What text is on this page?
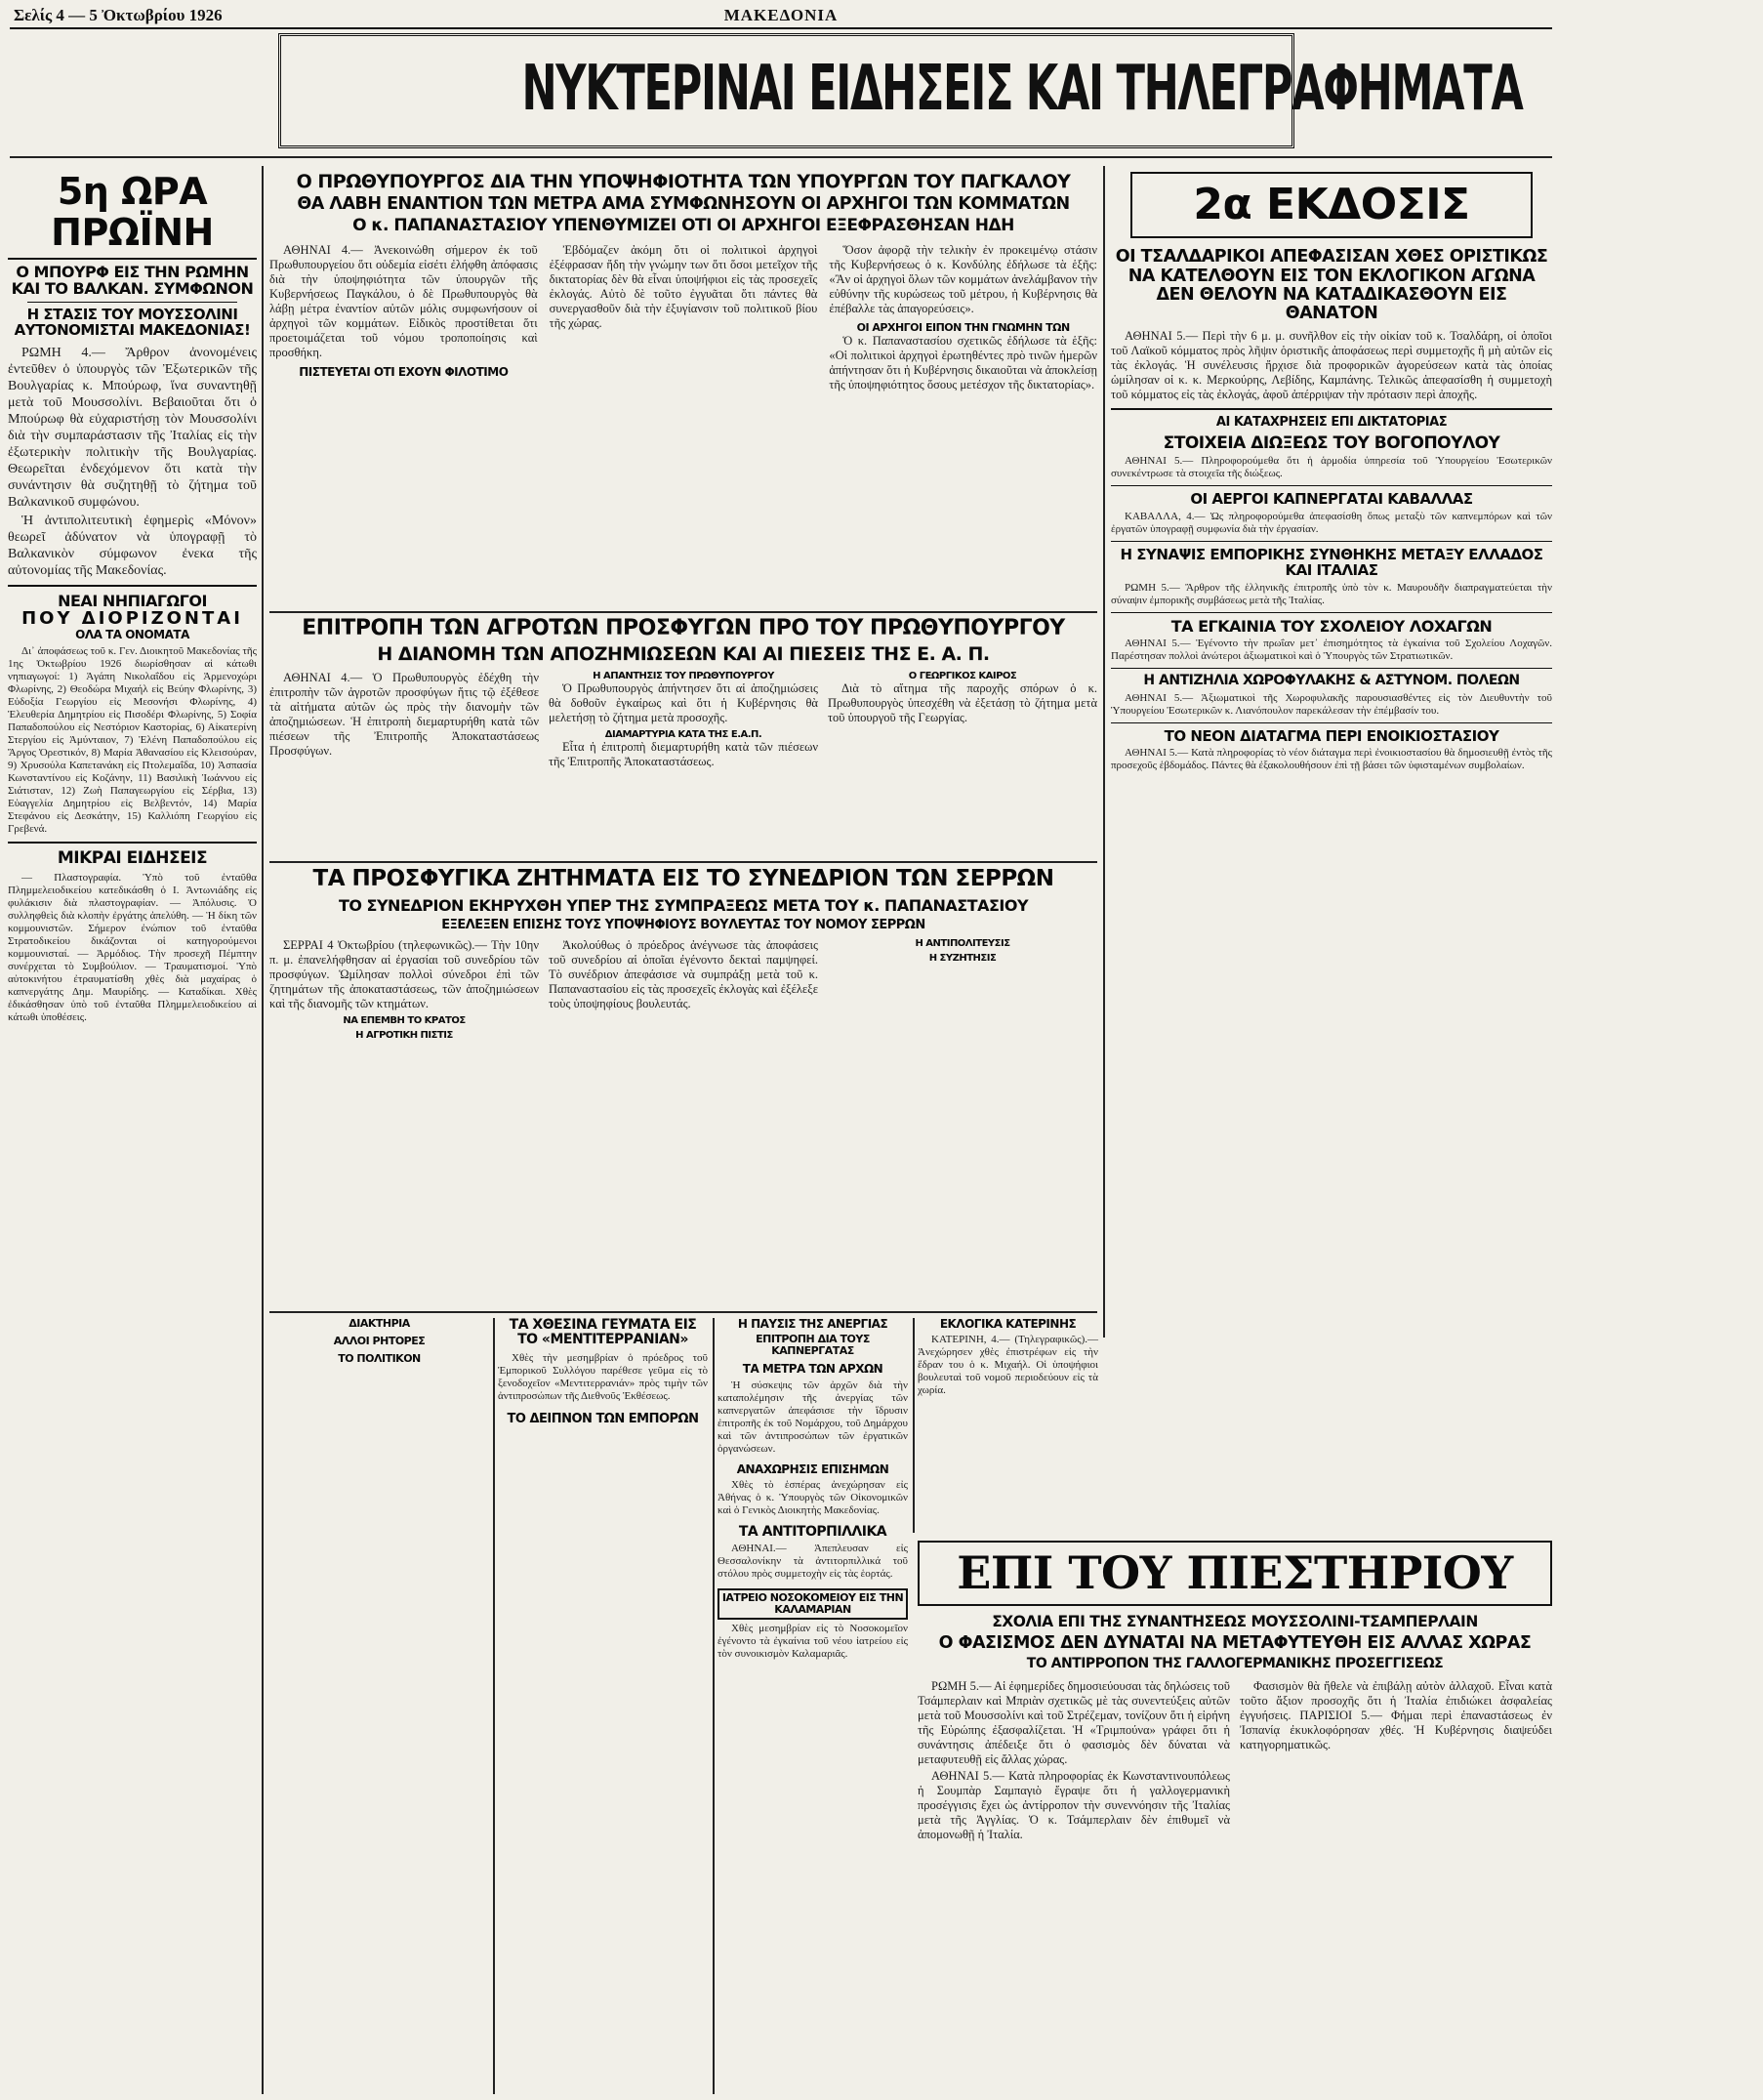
Σελίς 4 — 5 Ὀκτωβρίου 1926	ΜΑΚΕΔΟΝΙΑ
ΝΥΚΤΕΡΙΝΑΙ ΕΙΔΗΣΕΙΣ ΚΑΙ ΤΗΛΕΓΡΑΦΗΜΑΤΑ
5η ΩΡΑ ΠΡΩΪΝΗ
Ο ΜΠΟΥΡΦ ΕΙΣ ΤΗΝ ΡΩΜΗΝ ΚΑΙ ΤΟ ΒΑΛΚΑΝ. ΣΥΜΦΩΝΟΝ
Η ΣΤΑΣΙΣ ΤΟΥ ΜΟΥΣΣΟΛΙΝΙ ΑΥΤΟΝΟΜΙΣΤΑΙ ΜΑΚΕΔΟΝΙΑΣ!

ΡΩΜΗ 4.— Ἄρθρον ἀνονομένεις ἐντεῦθεν ὁ ὑπουργὸς τῶν Ἐξωτερικῶν τῆς Βουλγαρίας κ. Μπούρωφ, ἵνα συναντηθῇ μετὰ τοῦ Μουσσολίνι. Βεβαιοῦται ὅτι ὁ Μπούρωφ θὰ εὐχαριστήσῃ τὸν Μουσσολίνι διὰ τὴν συμπαράστασιν τῆς Ἰταλίας εἰς τὴν ἐξωτερικὴν πολιτικὴν τῆς Βουλγαρίας. Θεωρεῖται ἐνδεχόμενον ὅτι κατὰ τὴν συνάντησιν θὰ συζητηθῇ τὸ ζήτημα τοῦ Βαλκανικοῦ συμφώνου.

Ἡ ἀντιπολιτευτικὴ ἐφημερὶς «Μόνον» θεωρεῖ ἀδύνατον νὰ ὑπογραφῇ τὸ Βαλκανικὸν σύμφωνον ἐνεκα τῆς αὐτονομίας τῆς Μακεδονίας.

ΝΕΑΙ ΝΗΠΙΑΓΩΓΟΙ
ΠΟΥ ΔΙΟΡΙΖΟΝΤΑΙ
ΟΛΑ ΤΑ ΟΝΟΜΑΤΑ

Δι᾽ ἀποφάσεως τοῦ κ. Γεν. Διοικητοῦ Μακεδονίας τῆς 1ης Ὀκτωβρίου 1926 διωρίσθησαν αἱ κάτωθι νηπιαγωγοί: 1) Ἀγάπη Νικολαΐδου εἰς Ἀρμενοχώρι Φλωρίνης, 2) Θεοδώρα Μιχαήλ εἰς Βεύην Φλωρίνης, 3) Εὐδοξία Γεωργίου εἰς Μεσονήσι Φλωρίνης, 4) Ἐλευθερία Δημητρίου εἰς Πισοδέρι Φλωρίνης, 5) Σοφία Παπαδοπούλου εἰς Νεστόριον Καστορίας, 6) Αἰκατερίνη Στεργίου εἰς Ἀμύνταιον, 7) Ἑλένη Παπαδοπούλου εἰς Ἄργος Ὀρεστικόν, 8) Μαρία Ἀθανασίου εἰς Κλεισούραν, 9) Χρυσούλα Καπετανάκη εἰς Πτολεμαΐδα, 10) Ἀσπασία Κωνσταντίνου εἰς Κοζάνην, 11) Βασιλικὴ Ἰωάννου εἰς Σιάτισταν, 12) Ζωὴ Παπαγεωργίου εἰς Σέρβια, 13) Εὐαγγελία Δημητρίου εἰς Βελβεντόν, 14) Μαρία Στεφάνου εἰς Δεσκάτην, 15) Καλλιόπη Γεωργίου εἰς Γρεβενά.

ΜΙΚΡΑΙ ΕΙΔΗΣΕΙΣ

— Πλαστογραφία. Ὑπὸ τοῦ ἐνταῦθα Πλημμελειοδικείου κατεδικάσθη ὁ Ι. Ἀντωνιάδης εἰς φυλάκισιν διὰ πλαστογραφίαν. — Ἀπόλυσις. Ὁ συλληφθεὶς διὰ κλοπὴν ἐργάτης ἀπελύθη. — Ἡ δίκη τῶν κομμουνιστῶν. Σήμερον ἐνώπιον τοῦ ἐνταῦθα Στρατοδικείου δικάζονται οἱ κατηγορούμενοι κομμουνισταί. — Ἀρμόδιος. Τὴν προσεχῆ Πέμπτην συνέρχεται τὸ Συμβούλιον. — Τραυματισμοί. Ὑπὸ αὐτοκινήτου ἐτραυματίσθη χθὲς διὰ μαχαίρας ὁ καπνεργάτης Δημ. Μαυρίδης. — Καταδίκαι. Χθὲς ἐδικάσθησαν ὑπὸ τοῦ ἐνταῦθα Πλημμελειοδικείου αἱ κάτωθι ὑποθέσεις.

Ο ΠΡΩΘΥΠΟΥΡΓΟΣ ΔΙΑ ΤΗΝ ΥΠΟΨΗΦΙΟΤΗΤΑ ΤΩΝ ΥΠΟΥΡΓΩΝ ΤΟΥ ΠΑΓΚΑΛΟΥ
ΘΑ ΛΑΒΗ ΕΝΑΝΤΙΟΝ ΤΩΝ ΜΕΤΡΑ ΑΜΑ ΣΥΜΦΩΝΗΣΟΥΝ ΟΙ ΑΡΧΗΓΟΙ ΤΩΝ ΚΟΜΜΑΤΩΝ
Ο κ. ΠΑΠΑΝΑΣΤΑΣΙΟΥ ΥΠΕΝΘΥΜΙΖΕΙ ΟΤΙ ΟΙ ΑΡΧΗΓΟΙ ΕΞΕΦΡΑΣΘΗΣΑΝ ΗΔΗ

ΑΘΗΝΑΙ 4.— Ἀνεκοινώθη σήμερον ἐκ τοῦ Πρωθυπουργείου ὅτι οὐδεμία εἰσέτι ἐλήφθη ἀπόφασις διὰ τὴν ὑποψηφιότητα τῶν ὑπουργῶν τῆς Κυβερνήσεως Παγκάλου, ὁ δὲ Πρωθυπουργὸς θὰ λάβῃ μέτρα ἐναντίον αὐτῶν μόλις συμφωνήσουν οἱ ἀρχηγοὶ τῶν κομμάτων. Εἰδικὸς προστίθεται ὅτι προετοιμάζεται τοῦ νόμου τροποποίησις καὶ προσθήκη.

ΠΙΣΤΕΥΕΤΑΙ ΟΤΙ ΕΧΟΥΝ ΦΙΛΟΤΙΜΟ

Ἐβδόμαζεν ἀκόμη ὅτι οἱ πολιτικοὶ ἀρχηγοὶ ἐξέφρασαν ἤδη τὴν γνώμην των ὅτι ὅσοι μετεῖχον τῆς δικτατορίας δὲν θὰ εἶναι ὑποψήφιοι εἰς τὰς προσεχεῖς ἐκλογάς. Αὐτὸ δὲ τοῦτο ἐγγυᾶται ὅτι πάντες θὰ συνεργασθοῦν διὰ τὴν ἐξυγίανσιν τοῦ πολιτικοῦ βίου τῆς χώρας.

Ὅσον ἀφορᾷ τὴν τελικὴν ἐν προκειμένῳ στάσιν τῆς Κυβερνήσεως ὁ κ. Κονδύλης ἐδήλωσε τὰ ἑξῆς: «Ἂν οἱ ἀρχηγοὶ ὅλων τῶν κομμάτων ἀνελάμβανον τὴν εὐθύνην τῆς κυρώσεως τοῦ μέτρου, ἡ Κυβέρνησις θὰ ἐπέβαλλε τὰς ἀπαγορεύσεις».

ΟΙ ΑΡΧΗΓΟΙ ΕΙΠΟΝ ΤΗΝ ΓΝΩΜΗΝ ΤΩΝ

Ὁ κ. Παπαναστασίου σχετικῶς ἐδήλωσε τὰ ἑξῆς: «Οἱ πολιτικοὶ ἀρχηγοὶ ἐρωτηθέντες πρὸ τινῶν ἡμερῶν ἀπήντησαν ὅτι ἡ Κυβέρνησις δικαιοῦται νὰ ἀποκλείσῃ τῆς ὑποψηφιότητος ὅσους μετέσχον τῆς δικτατορίας».

ΕΠΙΤΡΟΠΗ ΤΩΝ ΑΓΡΟΤΩΝ ΠΡΟΣΦΥΓΩΝ ΠΡΟ ΤΟΥ ΠΡΩΘΥΠΟΥΡΓΟΥ
Η ΔΙΑΝΟΜΗ ΤΩΝ ΑΠΟΖΗΜΙΩΣΕΩΝ ΚΑΙ ΑΙ ΠΙΕΣΕΙΣ ΤΗΣ Ε. Α. Π.

ΑΘΗΝΑΙ 4.— Ὁ Πρωθυπουργὸς ἐδέχθη τὴν ἐπιτροπὴν τῶν ἀγροτῶν προσφύγων ἥτις τῷ ἐξέθεσε τὰ αἰτήματα αὐτῶν ὡς πρὸς τὴν διανομὴν τῶν ἀποζημιώσεων. Ἡ ἐπιτροπὴ διεμαρτυρήθη κατὰ τῶν πιέσεων τῆς Ἐπιτροπῆς Ἀποκαταστάσεως Προσφύγων.

Η ΑΠΑΝΤΗΣΙΣ ΤΟΥ ΠΡΩΘΥΠΟΥΡΓΟΥ

Ὁ Πρωθυπουργὸς ἀπήντησεν ὅτι αἱ ἀποζημιώσεις θὰ δοθοῦν ἐγκαίρως καὶ ὅτι ἡ Κυβέρνησις θὰ μελετήσῃ τὸ ζήτημα μετὰ προσοχῆς.

ΔΙΑΜΑΡΤΥΡΙΑ ΚΑΤΑ ΤΗΣ Ε.Α.Π.

Εἶτα ἡ ἐπιτροπὴ διεμαρτυρήθη κατὰ τῶν πιέσεων τῆς Ἐπιτροπῆς Ἀποκαταστάσεως.

Ο ΓΕΩΡΓΙΚΟΣ ΚΑΙΡΟΣ

Διὰ τὸ αἴτημα τῆς παροχῆς σπόρων ὁ κ. Πρωθυπουργὸς ὑπεσχέθη νὰ ἐξετάσῃ τὸ ζήτημα μετὰ τοῦ ὑπουργοῦ τῆς Γεωργίας.

ΤΑ ΠΡΟΣΦΥΓΙΚΑ ΖΗΤΗΜΑΤΑ ΕΙΣ ΤΟ ΣΥΝΕΔΡΙΟΝ ΤΩΝ ΣΕΡΡΩΝ
ΤΟ ΣΥΝΕΔΡΙΟΝ ΕΚΗΡΥΧΘΗ ΥΠΕΡ ΤΗΣ ΣΥΜΠΡΑΞΕΩΣ ΜΕΤΑ ΤΟΥ κ. ΠΑΠΑΝΑΣΤΑΣΙΟΥ
ΕΞΕΛΕΞΕΝ ΕΠΙΣΗΣ ΤΟΥΣ ΥΠΟΨΗΦΙΟΥΣ ΒΟΥΛΕΥΤΑΣ ΤΟΥ ΝΟΜΟΥ ΣΕΡΡΩΝ

ΣΕΡΡΑΙ 4 Ὀκτωβρίου (τηλεφωνικῶς).— Τὴν 10ην π. μ. ἐπανελήφθησαν αἱ ἐργασίαι τοῦ συνεδρίου τῶν προσφύγων. Ὡμίλησαν πολλοὶ σύνεδροι ἐπὶ τῶν ζητημάτων τῆς ἀποκαταστάσεως, τῶν ἀποζημιώσεων καὶ τῆς διανομῆς τῶν κτημάτων.

ΝΑ ΕΠΕΜΒΗ ΤΟ ΚΡΑΤΟΣ
Η ΑΓΡΟΤΙΚΗ ΠΙΣΤΙΣ

Ἀκολούθως ὁ πρόεδρος ἀνέγνωσε τὰς ἀποφάσεις τοῦ συνεδρίου αἱ ὁποῖαι ἐγένοντο δεκταὶ παμψηφεί. Τὸ συνέδριον ἀπεφάσισε νὰ συμπράξῃ μετὰ τοῦ κ. Παπαναστασίου εἰς τὰς προσεχεῖς ἐκλογὰς καὶ ἐξέλεξε τοὺς ὑποψηφίους βουλευτάς.

Η ΑΝΤΙΠΟΛΙΤΕΥΣΙΣ
Η ΣΥΖΗΤΗΣΙΣ
ΔΙΑΚΤΗΡΙΑ
ΑΛΛΟΙ ΡΗΤΟΡΕΣ
ΤΟ ΠΟΛΙΤΙΚΟΝ
ΤΑ ΧΘΕΣΙΝΑ ΓΕΥΜΑΤΑ ΕΙΣ ΤΟ «ΜΕΝΤΙΤΕΡΡΑΝΙΑΝ»

Χθὲς τὴν μεσημβρίαν ὁ πρόεδρος τοῦ Ἐμπορικοῦ Συλλόγου παρέθεσε γεῦμα εἰς τὸ ξενοδοχεῖον «Μεντιτερρανιάν» πρὸς τιμὴν τῶν ἀντιπροσώπων τῆς Διεθνοῦς Ἐκθέσεως.

ΤΟ ΔΕΙΠΝΟΝ ΤΩΝ ΕΜΠΟΡΩΝ
Η ΠΑΥΣΙΣ ΤΗΣ ΑΝΕΡΓΙΑΣ
ΕΠΙΤΡΟΠΗ ΔΙΑ ΤΟΥΣ ΚΑΠΝΕΡΓΑΤΑΣ
ΤΑ ΜΕΤΡΑ ΤΩΝ ΑΡΧΩΝ

Ἡ σύσκεψις τῶν ἀρχῶν διὰ τὴν καταπολέμησιν τῆς ἀνεργίας τῶν καπνεργατῶν ἀπεφάσισε τὴν ἵδρυσιν ἐπιτροπῆς ἐκ τοῦ Νομάρχου, τοῦ Δημάρχου καὶ τῶν ἀντιπροσώπων τῶν ἐργατικῶν ὀργανώσεων.

ΑΝΑΧΩΡΗΣΙΣ ΕΠΙΣΗΜΩΝ

Χθὲς τὸ ἑσπέρας ἀνεχώρησαν εἰς Ἀθήνας ὁ κ. Ὑπουργὸς τῶν Οἰκονομικῶν καὶ ὁ Γενικὸς Διοικητὴς Μακεδονίας.

ΤΑ ΑΝΤΙΤΟΡΠΙΛΛΙΚΑ

ΑΘΗΝΑΙ.— Ἀπεπλευσαν εἰς Θεσσαλονίκην τὰ ἀντιτορπιλλικά τοῦ στόλου πρὸς συμμετοχὴν εἰς τὰς ἑορτάς.

ΙΑΤΡΕΙΟ ΝΟΣΟΚΟΜΕΙΟΥ ΕΙΣ ΤΗΝ ΚΑΛΑΜΑΡΙΑΝ

Χθὲς μεσημβρίαν εἰς τὸ Νοσοκομεῖον ἐγένοντο τὰ ἐγκαίνια τοῦ νέου ἰατρείου εἰς τὸν συνοικισμὸν Καλαμαριᾶς.

ΕΚΛΟΓΙΚΑ ΚΑΤΕΡΙΝΗΣ

ΚΑΤΕΡΙΝΗ, 4.— (Τηλεγραφικῶς).— Ἀνεχώρησεν χθὲς ἐπιστρέφων εἰς τὴν ἕδραν του ὁ κ. Μιχαήλ. Οἱ ὑποψήφιοι βουλευταὶ τοῦ νομοῦ περιοδεύουν εἰς τὰ χωρία.

2α ΕΚΔΟΣΙΣ
ΟΙ ΤΣΑΛΔΑΡΙΚΟΙ ΑΠΕΦΑΣΙΣΑΝ ΧΘΕΣ ΟΡΙΣΤΙΚΩΣ ΝΑ ΚΑΤΕΛΘΟΥΝ ΕΙΣ ΤΟΝ ΕΚΛΟΓΙΚΟΝ ΑΓΩΝΑ ΔΕΝ ΘΕΛΟΥΝ ΝΑ ΚΑΤΑΔΙΚΑΣΘΟΥΝ ΕΙΣ ΘΑΝΑΤΟΝ

ΑΘΗΝΑΙ 5.— Περὶ τὴν 6 μ. μ. συνῆλθον εἰς τὴν οἰκίαν τοῦ κ. Τσαλδάρη, οἱ ὁποῖοι τοῦ Λαϊκοῦ κόμματος πρὸς λῆψιν ὁριστικῆς ἀποφάσεως περὶ συμμετοχῆς ἢ μὴ αὐτῶν εἰς τὰς ἐκλογάς. Ἡ συνέλευσις ἤρχισε διὰ προφορικῶν ἀγορεύσεων κατὰ τὰς ὁποίας ὡμίλησαν οἱ κ. κ. Μερκούρης, Λεβίδης, Καμπάνης. Τελικῶς ἀπεφασίσθη ἡ συμμετοχὴ τοῦ κόμματος εἰς τὰς ἐκλογάς, ἀφοῦ ἀπέρριψαν τὴν πρότασιν περὶ ἀποχῆς.

ΑΙ ΚΑΤΑΧΡΗΣΕΙΣ ΕΠΙ ΔΙΚΤΑΤΟΡΙΑΣ
ΣΤΟΙΧΕΙΑ ΔΙΩΞΕΩΣ ΤΟΥ ΒΟΓΟΠΟΥΛΟΥ

ΑΘΗΝΑΙ 5.— Πληροφορούμεθα ὅτι ἡ ἁρμοδία ὑπηρεσία τοῦ Ὑπουργείου Ἐσωτερικῶν συνεκέντρωσε τὰ στοιχεῖα τῆς διώξεως.

ΟΙ ΑΕΡΓΟΙ ΚΑΠΝΕΡΓΑΤΑΙ ΚΑΒΑΛΛΑΣ

ΚΑΒΑΛΛΑ, 4.— Ὡς πληροφορούμεθα ἀπεφασίσθη ὅπως μεταξὺ τῶν καπνεμπόρων καὶ τῶν ἐργατῶν ὑπογραφῇ συμφωνία διὰ τὴν ἐργασίαν.

Η ΣΥΝΑΨΙΣ ΕΜΠΟΡΙΚΗΣ ΣΥΝΘΗΚΗΣ ΜΕΤΑΞΥ ΕΛΛΑΔΟΣ ΚΑΙ ΙΤΑΛΙΑΣ

ΡΩΜΗ 5.— Ἄρθρον τῆς ἑλληνικῆς ἐπιτροπῆς ὑπὸ τὸν κ. Μαυρουδῆν διαπραγματεύεται τὴν σύναψιν ἐμπορικῆς συμβάσεως μετὰ τῆς Ἰταλίας.

ΤΑ ΕΓΚΑΙΝΙΑ ΤΟΥ ΣΧΟΛΕΙΟΥ ΛΟΧΑΓΩΝ

ΑΘΗΝΑΙ 5.— Ἐγένοντο τὴν πρωΐαν μετ᾽ ἐπισημότητος τὰ ἐγκαίνια τοῦ Σχολείου Λοχαγῶν. Παρέστησαν πολλοὶ ἀνώτεροι ἀξιωματικοὶ καὶ ὁ Ὑπουργὸς τῶν Στρατιωτικῶν.

Η ΑΝΤΙΖΗΛΙΑ ΧΩΡΟΦΥΛΑΚΗΣ & ΑΣΤΥΝΟΜ. ΠΟΛΕΩΝ

ΑΘΗΝΑΙ 5.— Ἀξιωματικοὶ τῆς Χωροφυλακῆς παρουσιασθέντες εἰς τὸν Διευθυντὴν τοῦ Ὑπουργείου Ἐσωτερικῶν κ. Λιανόπουλον παρεκάλεσαν τὴν ἐπέμβασίν του.

ΤΟ ΝΕΟΝ ΔΙΑΤΑΓΜΑ ΠΕΡΙ ΕΝΟΙΚΙΟΣΤΑΣΙΟΥ

ΑΘΗΝΑΙ 5.— Κατὰ πληροφορίας τὸ νέον διάταγμα περὶ ἐνοικιοστασίου θὰ δημοσιευθῇ ἐντὸς τῆς προσεχοῦς ἑβδομάδος. Πάντες θὰ ἐξακολουθήσουν ἐπὶ τῇ βάσει τῶν ὑφισταμένων συμβολαίων.

ΕΠΙ ΤΟΥ ΠΙΕΣΤΗΡΙΟΥ
ΣΧΟΛΙΑ ΕΠΙ ΤΗΣ ΣΥΝΑΝΤΗΣΕΩΣ ΜΟΥΣΣΟΛΙΝΙ-ΤΣΑΜΠΕΡΛΑΙΝ
Ο ΦΑΣΙΣΜΟΣ ΔΕΝ ΔΥΝΑΤΑΙ ΝΑ ΜΕΤΑΦΥΤΕΥΘΗ ΕΙΣ ΑΛΛΑΣ ΧΩΡΑΣ
ΤΟ ΑΝΤΙΡΡΟΠΟΝ ΤΗΣ ΓΑΛΛΟΓΕΡΜΑΝΙΚΗΣ ΠΡΟΣΕΓΓΙΣΕΩΣ

ΡΩΜΗ 5.— Αἱ ἐφημερίδες δημοσιεύουσαι τὰς δηλώσεις τοῦ Τσάμπερλαιν καὶ Μπριὰν σχετικῶς μὲ τὰς συνεντεύξεις αὐτῶν μετὰ τοῦ Μουσσολίνι καὶ τοῦ Στρέζεμαν, τονίζουν ὅτι ἡ εἰρήνη τῆς Εὐρώπης ἐξασφαλίζεται. Ἡ «Τριμπούνα» γράφει ὅτι ἡ συνάντησις ἀπέδειξε ὅτι ὁ φασισμὸς δὲν δύναται νὰ μεταφυτευθῇ εἰς ἄλλας χώρας.

ΑΘΗΝΑΙ 5.— Κατὰ πληροφορίας ἐκ Κωνσταντινουπόλεως ἡ Σουμπὰρ Σαμπαγιὸ ἔγραψε ὅτι ἡ γαλλογερμανικὴ προσέγγισις ἔχει ὡς ἀντίρροπον τὴν συνεννόησιν τῆς Ἰταλίας μετὰ τῆς Ἀγγλίας. Ὁ κ. Τσάμπερλαιν δὲν ἐπιθυμεῖ νὰ ἀπομονωθῇ ἡ Ἰταλία.

Φασισμὸν θὰ ἤθελε νὰ ἐπιβάλῃ αὐτὸν ἀλλαχοῦ. Εἶναι κατὰ τοῦτο ἄξιον προσοχῆς ὅτι ἡ Ἰταλία ἐπιδιώκει ἀσφαλείας ἐγγυήσεις. ΠΑΡΙΣΙΟΙ 5.— Φήμαι περὶ ἐπαναστάσεως ἐν Ἰσπανίᾳ ἐκυκλοφόρησαν χθές. Ἡ Κυβέρνησις διαψεύδει κατηγορηματικῶς.
